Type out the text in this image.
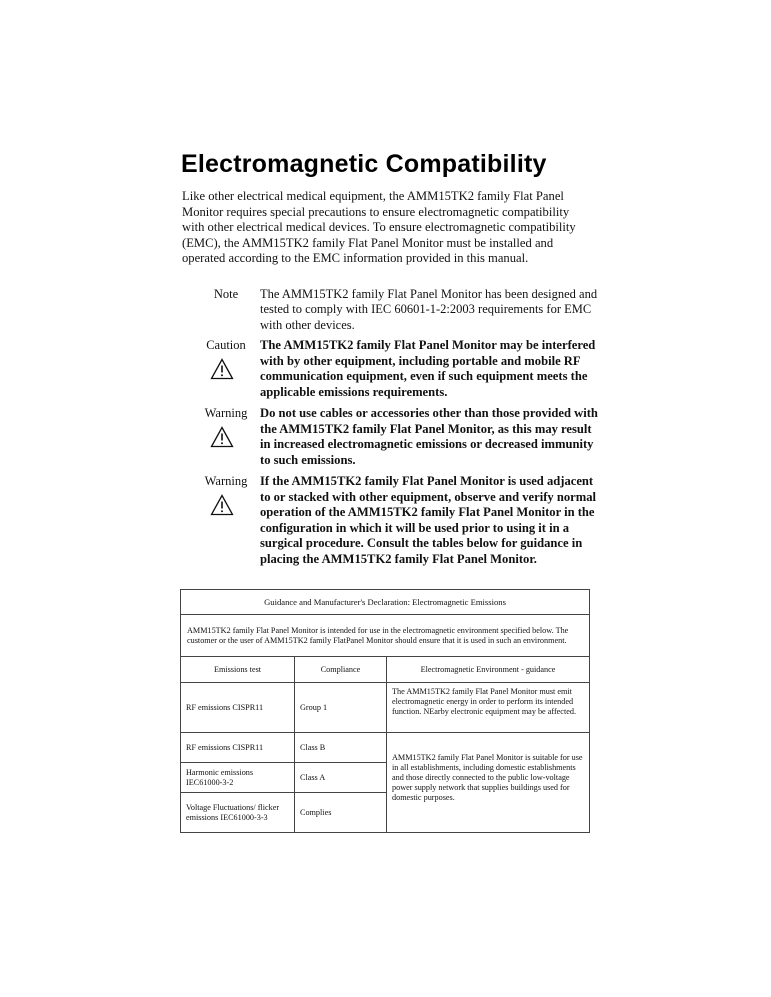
Electromagnetic Compatibility

Like other electrical medical equipment, the AMM15TK2 family Flat Panel Monitor requires special precautions to ensure electromagnetic compatibility with other electrical medical devices. To ensure electromagnetic compatibility (EMC), the AMM15TK2 family Flat Panel Monitor must be installed and operated according to the EMC information provided in this manual.

Note	The AMM15TK2 family Flat Panel Monitor has been designed and tested to comply with IEC 60601-1-2:2003 requirements for EMC with other devices.
Caution	The AMM15TK2 family Flat Panel Monitor may be interfered with by other equipment, including portable and mobile RF communication equipment, even if such equipment meets the applicable emissions requirements.
Warning	Do not use cables or accessories other than those provided with the AMM15TK2 family Flat Panel Monitor, as this may result in increased electromagnetic emissions or decreased immunity to such emissions.
Warning	If the AMM15TK2 family Flat Panel Monitor is used adjacent to or stacked with other equipment, observe and verify normal operation of the AMM15TK2 family Flat Panel Monitor in the configuration in which it will be used prior to using it in a surgical procedure. Consult the tables below for guidance in placing the AMM15TK2 family Flat Panel Monitor.
Guidance and Manufacturer's Declaration: Electromagnetic Emissions		
AMM15TK2 family Flat Panel Monitor is intended for use in the electromagnetic environment specified below. The customer or the user of AMM15TK2 family FlatPanel Monitor should ensure that it is used in such an environment.		
Emissions test	Compliance	Electromagnetic Environment - guidance
RF emissions CISPR11	Group 1	The AMM15TK2 family Flat Panel Monitor must emit electromagnetic energy in order to perform its intended function. NEarby electronic equipment may be affected.
RF emissions CISPR11	Class B	AMM15TK2 family Flat Panel Monitor is suitable for use in all establishments, including domestic establishments and those directly connected to the public low-voltage power supply network that supplies buildings used for domestic purposes.
Harmonic emissions IEC61000-3-2	Class A	
Voltage Fluctuations/ flicker emissions IEC61000-3-3	Complies	
